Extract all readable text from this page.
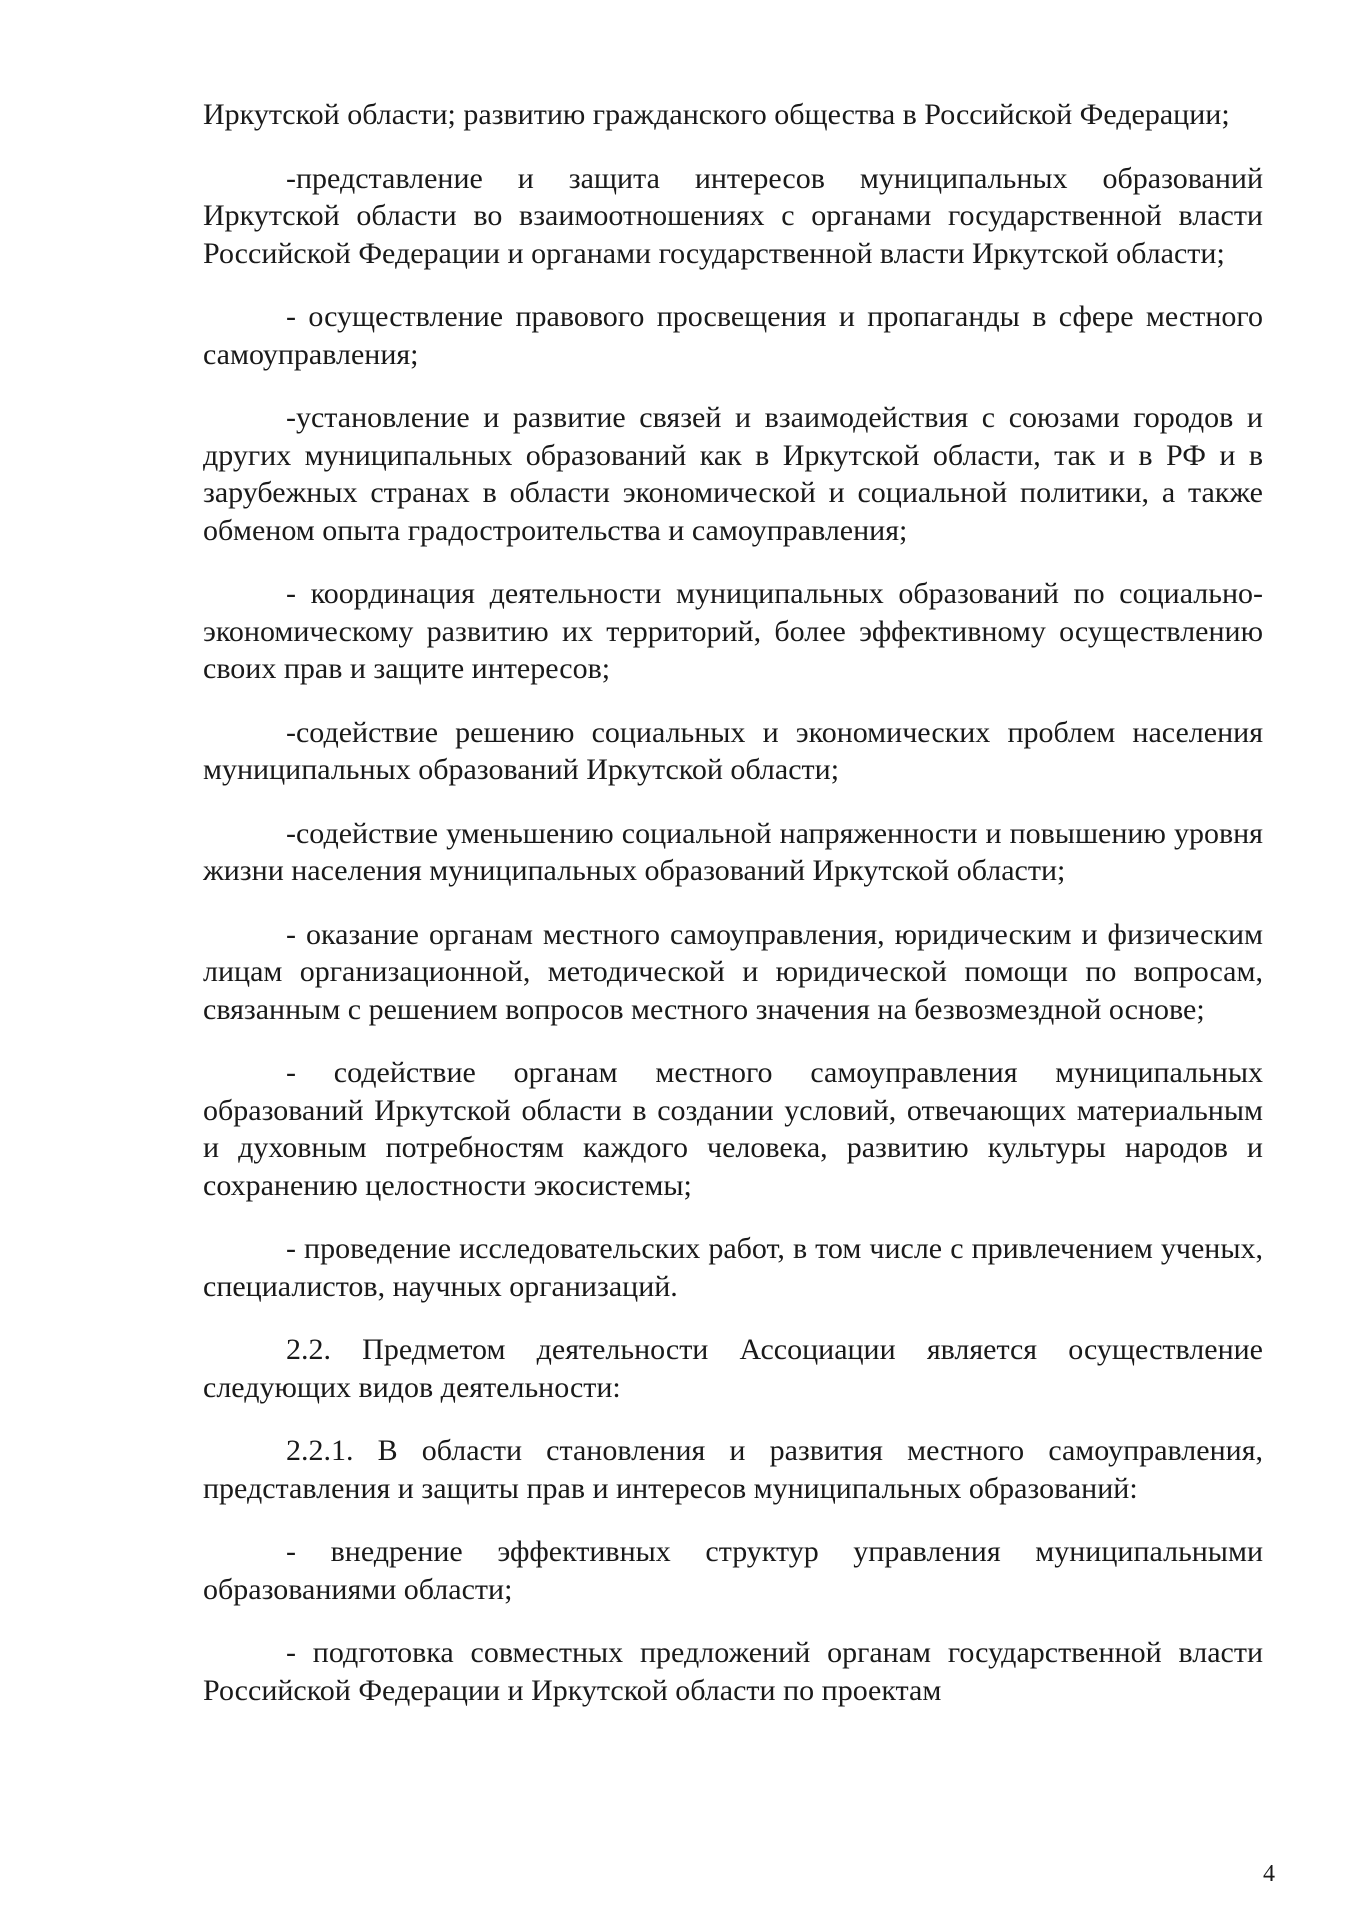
Иркутской области; развитию гражданского общества в Российской Федерации;

-представление и защита интересов муниципальных образований Иркутской области во взаимоотношениях с органами государственной власти Российской Федерации и органами государственной власти Иркутской области;

- осуществление правового просвещения и пропаганды в сфере местного самоуправления;

-установление и развитие связей и взаимодействия с союзами городов и других муниципальных образований как в Иркутской области, так и в РФ и в зарубежных странах в области экономической и социальной политики, а также обменом опыта градостроительства и самоуправления;

- координация деятельности муниципальных образований по социально-экономическому развитию их территорий, более эффективному осуществлению своих прав и защите интересов;

-содействие решению социальных и экономических проблем населения муниципальных образований Иркутской области;

-содействие уменьшению социальной напряженности и повышению уровня жизни населения муниципальных образований Иркутской области;

- оказание органам местного самоуправления, юридическим и физическим лицам организационной, методической и юридической помощи по вопросам, связанным с решением вопросов местного значения на безвозмездной основе;

- содействие органам местного самоуправления муниципальных образований Иркутской области в создании условий, отвечающих материальным и духовным потребностям каждого человека, развитию культуры народов и сохранению целостности экосистемы;

- проведение исследовательских работ, в том числе с привлечением ученых, специалистов, научных организаций.

2.2. Предметом деятельности Ассоциации является осуществление следующих видов деятельности:

2.2.1. В области становления и развития местного самоуправления, представления и защиты прав и интересов муниципальных образований:

- внедрение эффективных структур управления муниципальными образованиями области;

- подготовка совместных предложений органам государственной власти Российской Федерации и Иркутской области по проектам

4
